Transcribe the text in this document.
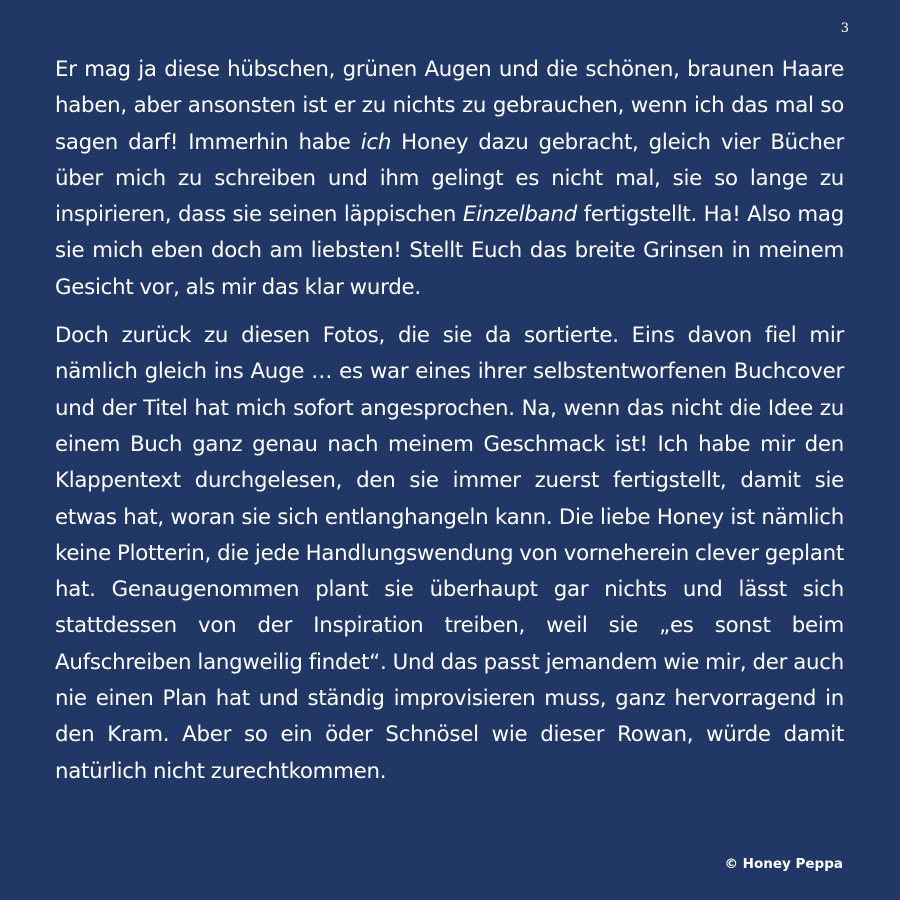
3

Er mag ja diese hübschen, grünen Augen und die schönen, braunen Haare haben, aber ansonsten ist er zu nichts zu gebrauchen, wenn ich das mal so sagen darf! Immerhin habe ich Honey dazu gebracht, gleich vier Bücher über mich zu schreiben und ihm gelingt es nicht mal, sie so lange zu inspirieren, dass sie seinen läppischen Einzelband fertigstellt. Ha! Also mag sie mich eben doch am liebsten! Stellt Euch das breite Grinsen in meinem Gesicht vor, als mir das klar wurde.

Doch zurück zu diesen Fotos, die sie da sortierte. Eins davon fiel mir nämlich gleich ins Auge … es war eines ihrer selbstentworfenen Buchcover und der Titel hat mich sofort angesprochen. Na, wenn das nicht die Idee zu einem Buch ganz genau nach meinem Geschmack ist! Ich habe mir den Klappentext durchgelesen, den sie immer zuerst fertigstellt, damit sie etwas hat, woran sie sich entlanghangeln kann. Die liebe Honey ist nämlich keine Plotterin, die jede Handlungswendung von vorneherein clever geplant hat. Genaugenommen plant sie überhaupt gar nichts und lässt sich stattdessen von der Inspiration treiben, weil sie „es sonst beim Aufschreiben langweilig findet“. Und das passt jemandem wie mir, der auch nie einen Plan hat und ständig improvisieren muss, ganz hervorragend in den Kram. Aber so ein öder Schnösel wie dieser Rowan, würde damit natürlich nicht zurechtkommen.

© Honey Peppa
